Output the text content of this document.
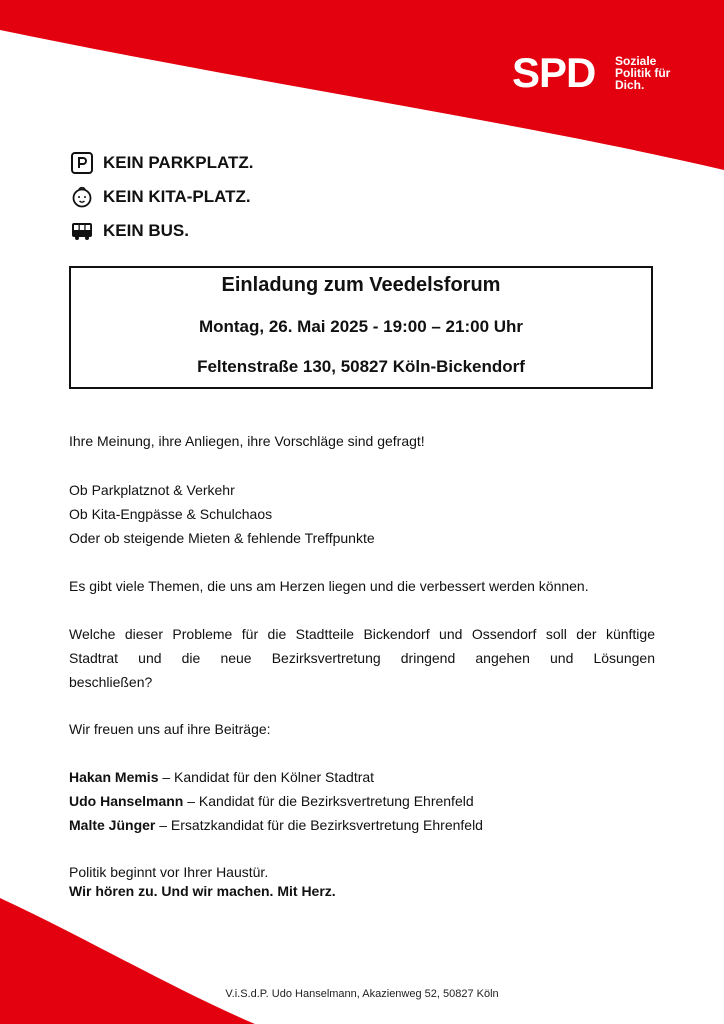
SPD Soziale
Politik für
Dich.
KEIN PARKPLATZ.
KEIN KITA-PLATZ.
KEIN BUS.
Einladung zum Veedelsforum
Montag, 26. Mai 2025 - 19:00 – 21:00 Uhr
Feltenstraße 130, 50827 Köln-Bickendorf
Ihre Meinung, ihre Anliegen, ihre Vorschläge sind gefragt!
Ob Parkplatznot & Verkehr
Ob Kita-Engpässe & Schulchaos
Oder ob steigende Mieten & fehlende Treffpunkte
Es gibt viele Themen, die uns am Herzen liegen und die verbessert werden können.
Welche dieser Probleme für die Stadtteile Bickendorf und Ossendorf soll der künftige
Stadtrat und die neue Bezirksvertretung dringend angehen und Lösungen
beschließen?
Wir freuen uns auf ihre Beiträge:
Hakan Memis – Kandidat für den Kölner Stadtrat
Udo Hanselmann – Kandidat für die Bezirksvertretung Ehrenfeld
Malte Jünger – Ersatzkandidat für die Bezirksvertretung Ehrenfeld
Politik beginnt vor Ihrer Haustür.
Wir hören zu. Und wir machen. Mit Herz.
V.i.S.d.P. Udo Hanselmann, Akazienweg 52, 50827 Köln
